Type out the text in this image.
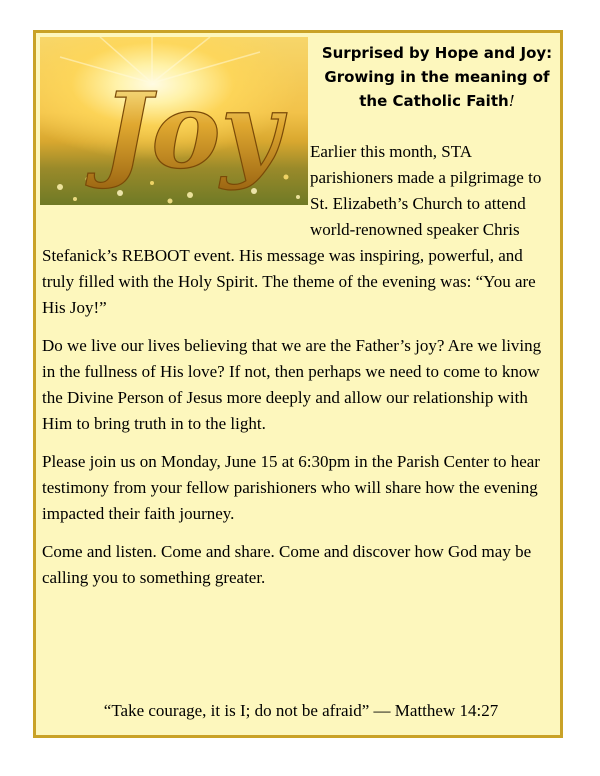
Joy
Surprised by Hope and Joy:
Growing in the meaning of
the Catholic Faith!

Earlier this month, STA parishioners made a pilgrimage to St. Elizabeth’s Church to attend world-renowned speaker Chris Stefanick’s REBOOT event. His message was inspiring, powerful, and truly filled with the Holy Spirit. The theme of the evening was: “You are His Joy!”

Do we live our lives believing that we are the Father’s joy? Are we living in the fullness of His love? If not, then perhaps we need to come to know the Divine Person of Jesus more deeply and allow our relationship with Him to bring truth in to the light.

Please join us on Monday, June 15 at 6:30pm in the Parish Center to hear testimony from your fellow parishioners who will share how the evening impacted their faith journey.

Come and listen. Come and share. Come and discover how God may be calling you to something greater.

“Take courage, it is I; do not be afraid” — Matthew 14:27
